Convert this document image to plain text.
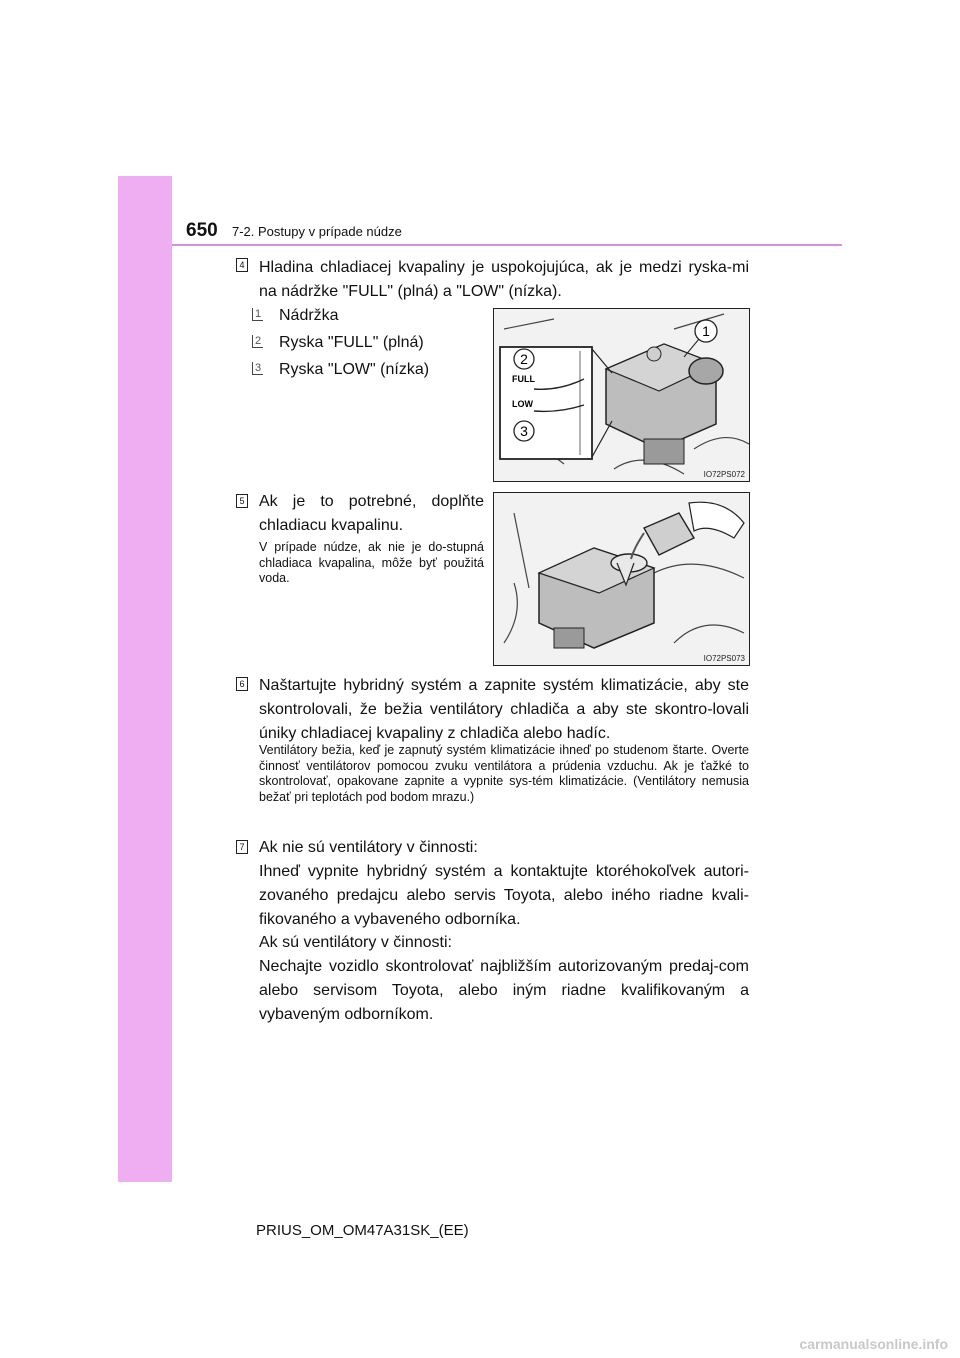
650 7-2. Postupy v prípade núdze
4 Hladina chladiacej kvapaliny je uspokojujúca, ak je medzi ryska-mi na nádržke "FULL" (plná) a "LOW" (nízka).
1 Nádržka
2 Ryska "FULL" (plná)
3 Ryska "LOW" (nízka)
2
3
1
FULL
LOW
IO72PS072
5 Ak je to potrebné, doplňte chladiacu kvapalinu.
V prípade núdze, ak nie je do-stupná chladiaca kvapalina, môže byť použitá voda.
IO72PS073
6 Naštartujte hybridný systém a zapnite systém klimatizácie, aby ste skontrolovali, že bežia ventilátory chladiča a aby ste skontro-lovali úniky chladiacej kvapaliny z chladiča alebo hadíc.
Ventilátory bežia, keď je zapnutý systém klimatizácie ihneď po studenom štarte. Overte činnosť ventilátorov pomocou zvuku ventilátora a prúdenia vzduchu. Ak je ťažké to skontrolovať, opakovane zapnite a vypnite sys-tém klimatizácie. (Ventilátory nemusia bežať pri teplotách pod bodom mrazu.)
7 Ak nie sú ventilátory v činnosti:
Ihneď vypnite hybridný systém a kontaktujte ktoréhokoľvek autori-zovaného predajcu alebo servis Toyota, alebo iného riadne kvali-fikovaného a vybaveného odborníka.
Ak sú ventilátory v činnosti:
Nechajte vozidlo skontrolovať najbližším autorizovaným predaj-com alebo servisom Toyota, alebo iným riadne kvalifikovaným a vybaveným odborníkom.
PRIUS_OM_OM47A31SK_(EE)
carmanualsonline.info
